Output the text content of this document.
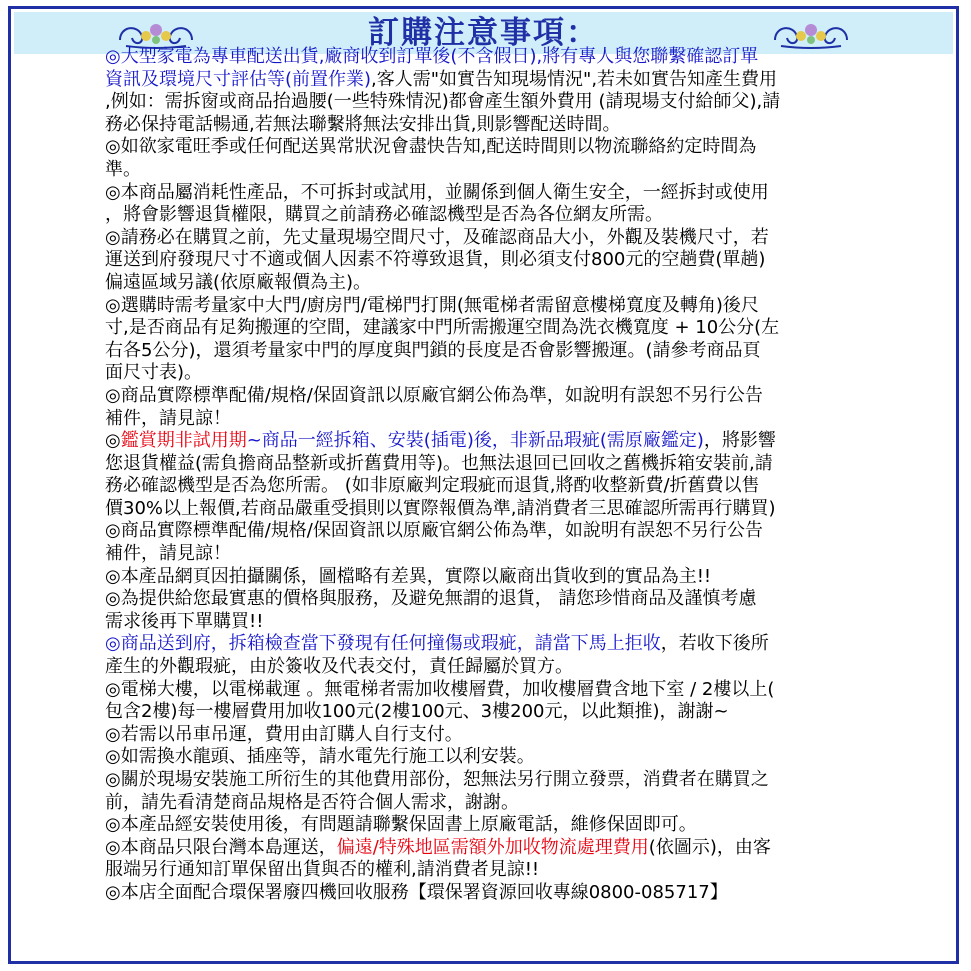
訂購注意事項：
◎大型家電為專車配送出貨,廠商收到訂單後(不含假日),將有專人與您聯繫確認訂單
資訊及環境尺寸評估等(前置作業),客人需"如實告知現場情況",若未如實告知產生費用
,例如：需拆窗或商品抬過腰(一些特殊情況)都會產生額外費用 (請現場支付給師父),請
務必保持電話暢通,若無法聯繫將無法安排出貨,則影響配送時間。
◎如欲家電旺季或任何配送異常狀況會盡快告知,配送時間則以物流聯絡約定時間為
準。
◎本商品屬消耗性產品，不可拆封或試用，並關係到個人衛生安全，一經拆封或使用
，將會影響退貨權限，購買之前請務必確認機型是否為各位網友所需。
◎請務必在購買之前，先丈量現場空間尺寸，及確認商品大小，外觀及裝機尺寸，若
運送到府發現尺寸不適或個人因素不符導致退貨，則必須支付800元的空趟費(單趟)
偏遠區域另議(依原廠報價為主)。
◎選購時需考量家中大門/廚房門/電梯門打開(無電梯者需留意樓梯寬度及轉角)後尺
寸,是否商品有足夠搬運的空間，建議家中門所需搬運空間為洗衣機寬度 + 10公分(左
右各5公分)，還須考量家中門的厚度與門鎖的長度是否會影響搬運。(請參考商品頁
面尺寸表)。
◎商品實際標準配備/規格/保固資訊以原廠官網公佈為準，如說明有誤恕不另行公告
補件，請見諒！
◎鑑賞期非試用期~商品一經拆箱、安裝(插電)後，非新品瑕疵(需原廠鑑定)，將影響
您退貨權益(需負擔商品整新或折舊費用等)。也無法退回已回收之舊機拆箱安裝前,請
務必確認機型是否為您所需。 (如非原廠判定瑕疵而退貨,將酌收整新費/折舊費以售
價30%以上報價,若商品嚴重受損則以實際報價為準,請消費者三思確認所需再行購買)
◎商品實際標準配備/規格/保固資訊以原廠官網公佈為準，如說明有誤恕不另行公告
補件，請見諒！
◎本產品網頁因拍攝關係，圖檔略有差異，實際以廠商出貨收到的實品為主!!
◎為提供給您最實惠的價格與服務，及避免無謂的退貨， 請您珍惜商品及謹慎考慮
需求後再下單購買!!
◎商品送到府，拆箱檢查當下發現有任何撞傷或瑕疵，請當下馬上拒收，若收下後所
產生的外觀瑕疵，由於簽收及代表交付，責任歸屬於買方。
◎電梯大樓，以電梯載運 。無電梯者需加收樓層費，加收樓層費含地下室 / 2樓以上(
包含2樓)每一樓層費用加收100元(2樓100元、3樓200元，以此類推)，謝謝~
◎若需以吊車吊運，費用由訂購人自行支付。
◎如需換水龍頭、插座等，請水電先行施工以利安裝。
◎關於現場安裝施工所衍生的其他費用部份，恕無法另行開立發票，消費者在購買之
前，請先看清楚商品規格是否符合個人需求，謝謝。
◎本產品經安裝使用後，有問題請聯繫保固書上原廠電話，維修保固即可。
◎本商品只限台灣本島運送，偏遠/特殊地區需額外加收物流處理費用(依圖示)，由客
服端另行通知訂單保留出貨與否的權利,請消費者見諒!!
◎本店全面配合環保署廢四機回收服務【環保署資源回收專線0800-085717】
